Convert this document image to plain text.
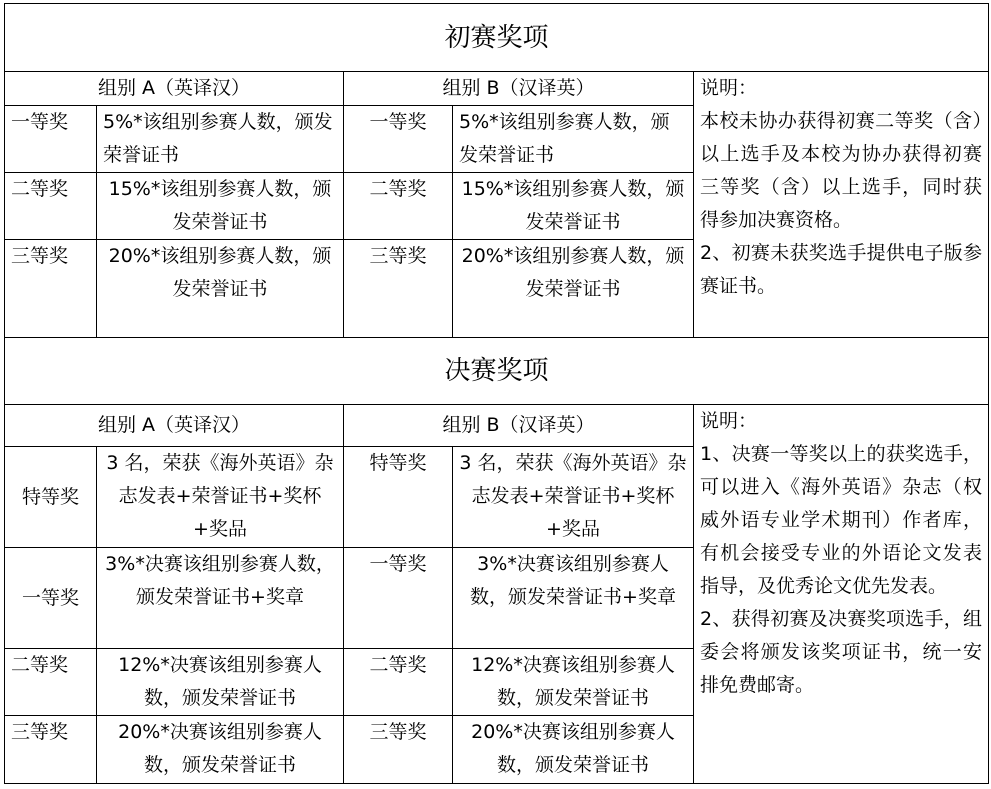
初赛奖项				
组别 A（英译汉）		组别 B（汉译英）		说明：
本校未协办获得初赛二等奖（含）以上选手及本校为协办获得初赛三等奖（含）以上选手，同时获得参加决赛资格。
2、初赛未获奖选手提供电子版参赛证书。

一等奖	5%*该组别参赛人数，颁发荣誉证书	一等奖	5%*该组别参赛人数，颁发荣誉证书	
二等奖	15%*该组别参赛人数，颁发荣誉证书	二等奖	15%*该组别参赛人数，颁发荣誉证书	
三等奖	20%*该组别参赛人数，颁发荣誉证书	三等奖	20%*该组别参赛人数，颁发荣誉证书	
决赛奖项				
组别 A（英译汉）		组别 B（汉译英）		说明：
1、决赛一等奖以上的获奖选手，可以进入《海外英语》杂志（权威外语专业学术期刊）作者库，有机会接受专业的外语论文发表指导，及优秀论文优先发表。
2、获得初赛及决赛奖项选手，组委会将颁发该奖项证书，统一安排免费邮寄。

特等奖	3 名，荣获《海外英语》杂志发表+荣誉证书+奖杯+奖品	特等奖	3 名，荣获《海外英语》杂志发表+荣誉证书+奖杯+奖品	
一等奖	3%*决赛该组别参赛人数，颁发荣誉证书+奖章	一等奖	3%*决赛该组别参赛人数，颁发荣誉证书+奖章	
二等奖	12%*决赛该组别参赛人数，颁发荣誉证书	二等奖	12%*决赛该组别参赛人数，颁发荣誉证书	
三等奖	20%*决赛该组别参赛人数，颁发荣誉证书	三等奖	20%*决赛该组别参赛人数，颁发荣誉证书	
